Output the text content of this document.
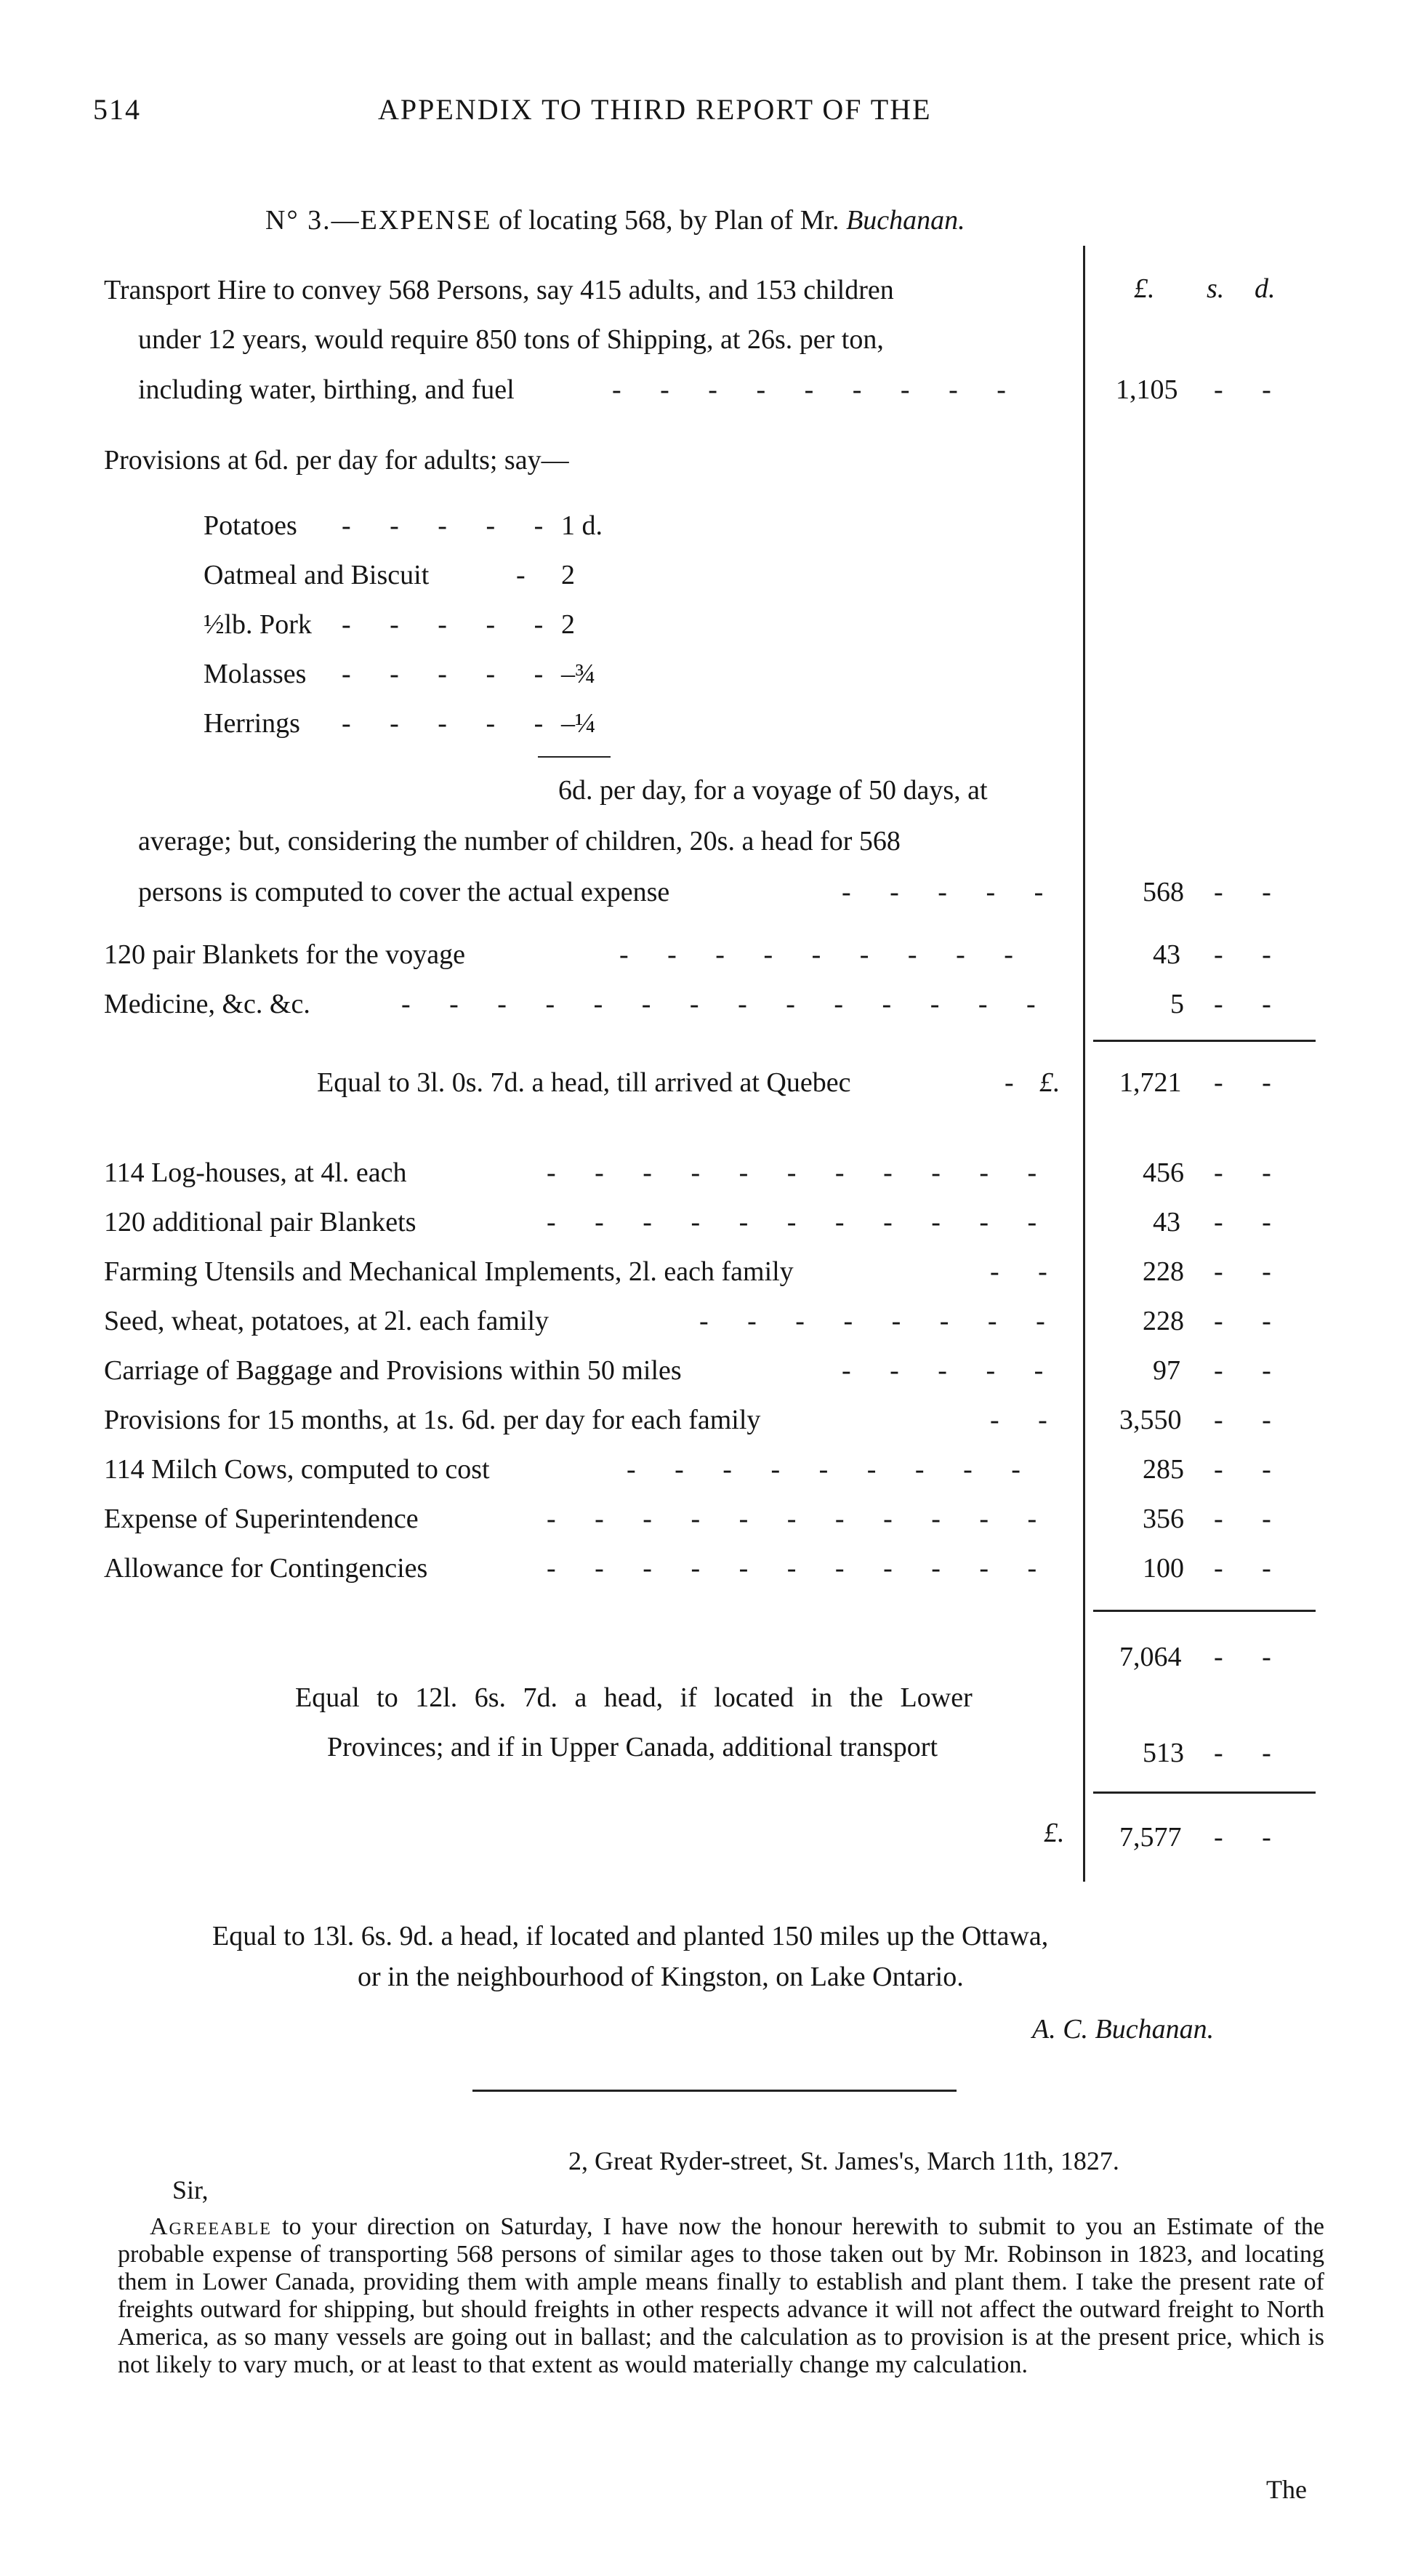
514	APPENDIX TO THIRD REPORT OF THE
N° 3.—EXPENSE of locating 568, by Plan of Mr. Buchanan.
£. s. d.
Transport Hire to convey 568 Persons, say 415 adults, and 153 children
under 12 years, would require 850 tons of Shipping, at 26s. per ton,
including water, birthing, and fuel	- - - - - - - - -	1,105 - -
Provisions at 6d. per day for adults; say—
Potatoes - - - - - 1 d.
Oatmeal and Biscuit	- 2
½lb. Pork - - - - - 2
Molasses - - - - - –¾
Herrings - - - - - –¼
6d. per day, for a voyage of 50 days, at
average; but, considering the number of children, 20s. a head for 568
persons is computed to cover the actual expense	- - - - -	568 - -
120 pair Blankets for the voyage	- - - - - - - - -	43 - -
Medicine, &c. &c.	- - - - - - - - - - - - - -	5 - -
Equal to 3l. 0s. 7d. a head, till arrived at Quebec	- £. 1,721 - -
114 Log-houses, at 4l. each	- - - - - - - - - - -	456 - -
120 additional pair Blankets	- - - - - - - - - - -	43 - -
Farming Utensils and Mechanical Implements, 2l. each family	- -	228 - -
Seed, wheat, potatoes, at 2l. each family	- - - - - - - -	228 - -
Carriage of Baggage and Provisions within 50 miles	- - - - -	97 - -
Provisions for 15 months, at 1s. 6d. per day for each family	- - 3,550 - -
114 Milch Cows, computed to cost	- - - - - - - - -	285 - -
Expense of Superintendence	- - - - - - - - - - -	356 - -
Allowance for Contingencies	- - - - - - - - - - -	100 - -
7,064 - -
Equal to 12l. 6s. 7d. a head, if located in the Lower
Provinces; and if in Upper Canada, additional transport	513 - -
£. 7,577 - -
Equal to 13l. 6s. 9d. a head, if located and planted 150 miles up the Ottawa,
or in the neighbourhood of Kingston, on Lake Ontario.
A. C. Buchanan.
2, Great Ryder-street, St. James's, March 11th, 1827.
Sir,
Agreeable to your direction on Saturday, I have now the honour herewith to submit to you an Estimate of the probable expense of transporting 568 persons of similar ages to those taken out by Mr. Robinson in 1823, and locating them in Lower Canada, providing them with ample means finally to establish and plant them. I take the present rate of freights outward for shipping, but should freights in other respects advance it will not affect the outward freight to North America, as so many vessels are going out in ballast; and the calculation as to provision is at the present price, which is not likely to vary much, or at least to that extent as would materially change my calculation.
The
